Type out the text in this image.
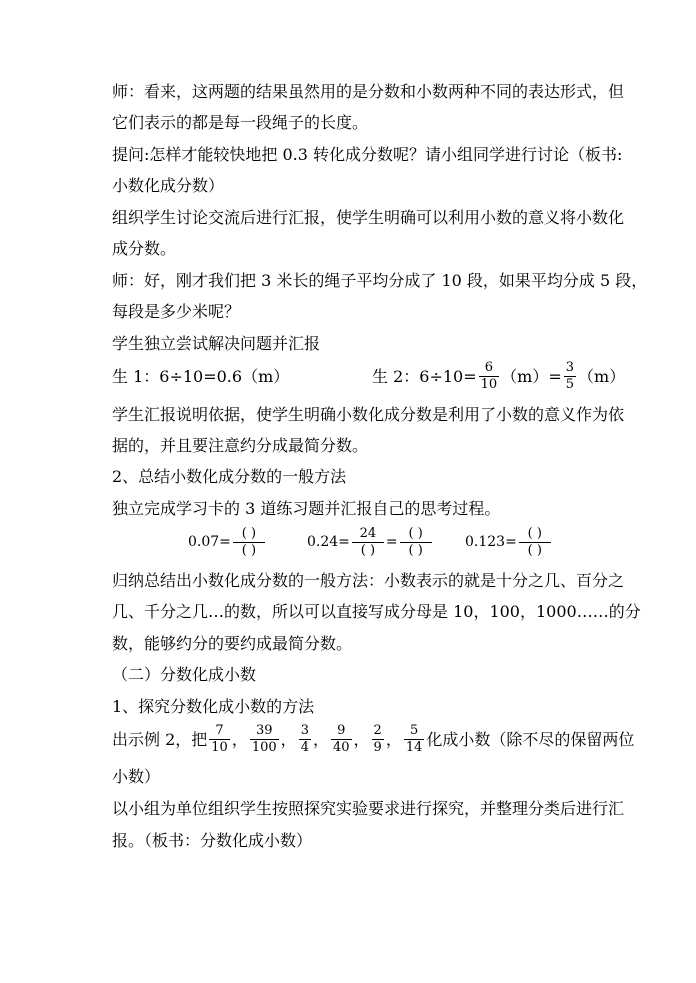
师：看来，这两题的结果虽然用的是分数和小数两种不同的表达形式，但
它们表示的都是每一段绳子的长度。
提问:怎样才能较快地把 0.3 转化成分数呢？请小组同学进行讨论（板书:
小数化成分数）
组织学生讨论交流后进行汇报，使学生明确可以利用小数的意义将小数化
成分数。
师：好，刚才我们把 3 米长的绳子平均分成了 10 段，如果平均分成 5 段，
每段是多少米呢？
学生独立尝试解决问题并汇报
生 1：6÷10=0.6（m）	生 2：$6\div 10= \frac{6}{10} (m)= \frac{3}{5} (m)$
学生汇报说明依据，使学生明确小数化成分数是利用了小数的意义作为依
据的，并且要注意约分成最简分数。
2、总结小数化成分数的一般方法
独立完成学习卡的 3 道练习题并汇报自己的思考过程。
$0.07= \frac{( )}{( )}$	$0.24= \frac{24}{( )} = \frac{( )}{( )} 0.123= \frac{( )}{( )}$
归纳总结出小数化成分数的一般方法：小数表示的就是十分之几、百分之
几、千分之几…的数，所以可以直接写成分母是 10，100，1000……的分
数，能够约分的要约成最简分数。
（二）分数化成小数
1、探究分数化成小数的方法
出示例 2，把 $\frac{7}{10}$ ， $\frac{39}{100}$ ， $\frac{3}{4}$ ， $\frac{9}{40}$ ， $\frac{2}{9}$ ， $\frac{5}{14}$ 化成小数（除不尽的保留两位
小数）
以小组为单位组织学生按照探究实验要求进行探究，并整理分类后进行汇
报。（板书：分数化成小数）
